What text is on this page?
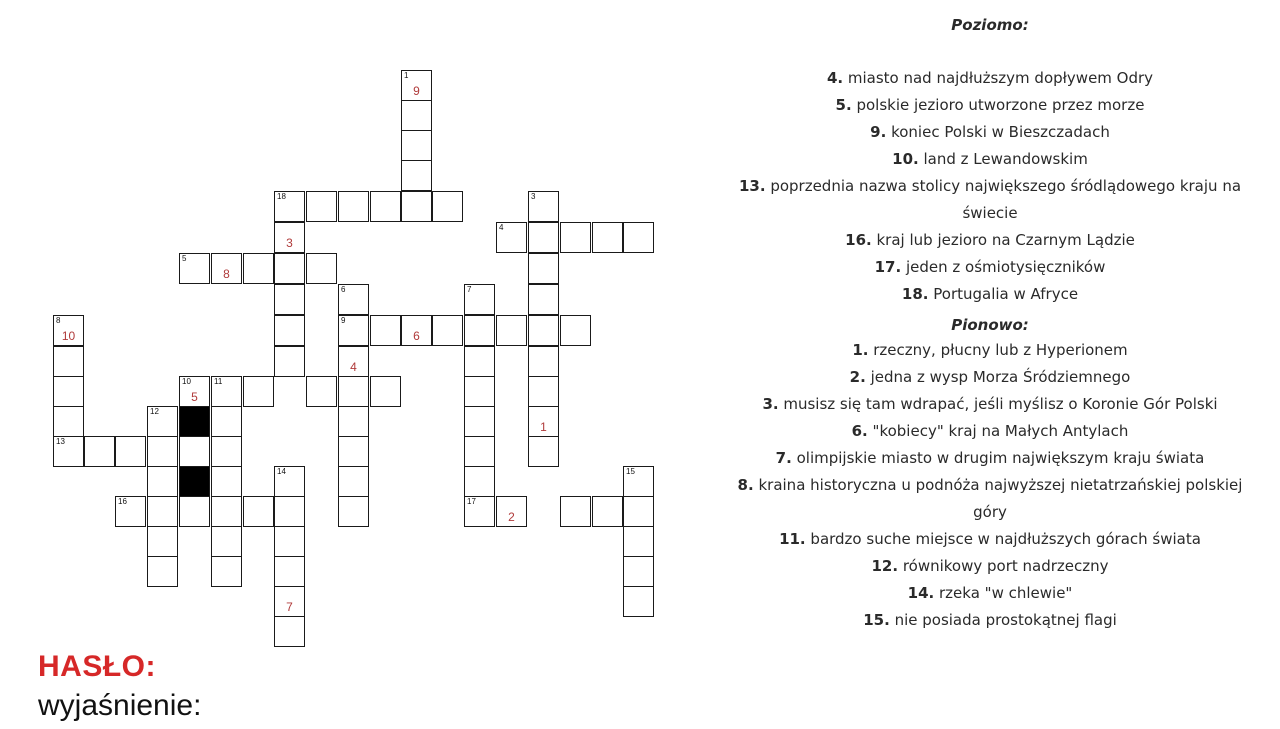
1
9
18
3
5
8
4
3
1
6
9
4
6
7
17
2
15
8
10
13
10
5
11
12
16
14
7
HASŁO:
wyjaśnienie:

Poziomo:

4. miasto nad najdłuższym dopływem Odry

5. polskie jezioro utworzone przez morze

9. koniec Polski w Bieszczadach

10. land z Lewandowskim

13. poprzednia nazwa stolicy największego śródlądowego kraju na

świecie

16. kraj lub jezioro na Czarnym Lądzie

17. jeden z ośmiotysięczników

18. Portugalia w Afryce

Pionowo:

1. rzeczny, płucny lub z Hyperionem

2. jedna z wysp Morza Śródziemnego

3. musisz się tam wdrapać, jeśli myślisz o Koronie Gór Polski

6. "kobiecy" kraj na Małych Antylach

7. olimpijskie miasto w drugim największym kraju świata

8. kraina historyczna u podnóża najwyższej nietatrzańskiej polskiej

góry

11. bardzo suche miejsce w najdłuższych górach świata

12. równikowy port nadrzeczny

14. rzeka "w chlewie"

15. nie posiada prostokątnej flagi
